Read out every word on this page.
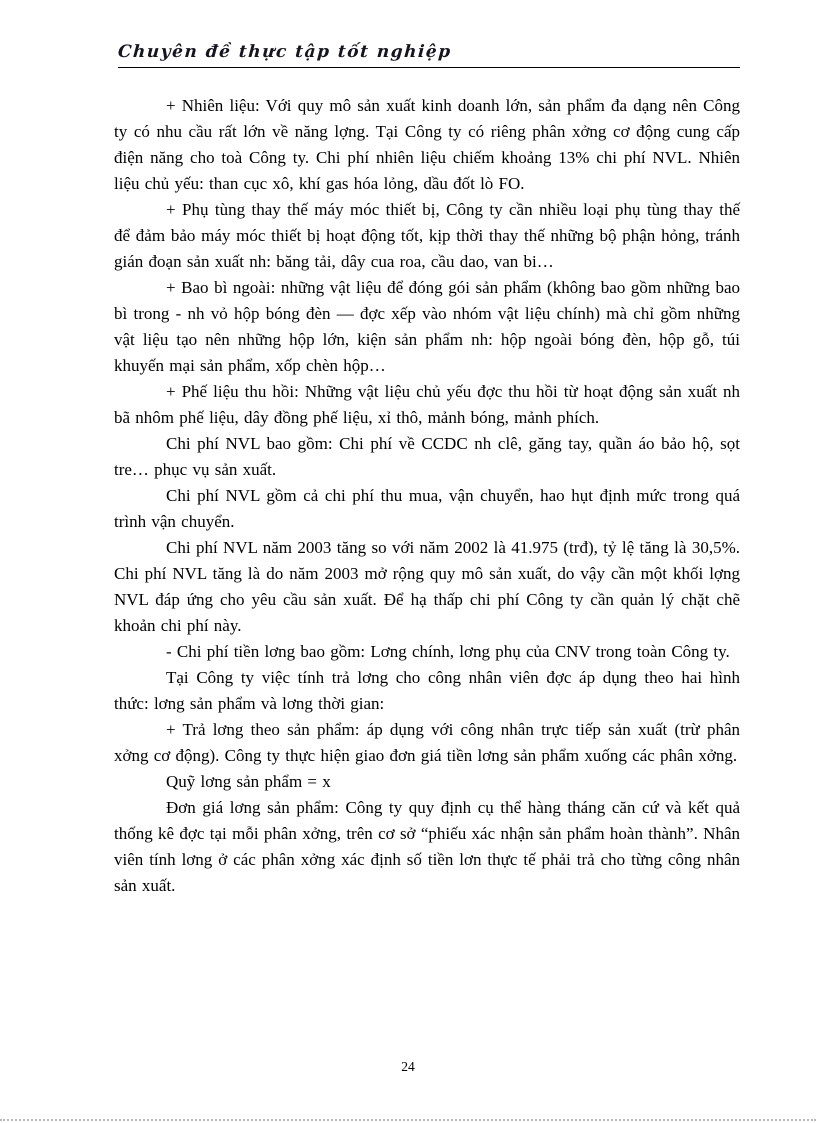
Chuyên đề thực tập tốt nghiệp

+ Nhiên liệu: Với quy mô sản xuất kinh doanh lớn, sản phẩm đa dạng nên Công ty có nhu cầu rất lớn về năng lợng. Tại Công ty có riêng phân xởng cơ động cung cấp điện năng cho toà Công ty. Chi phí nhiên liệu chiếm khoảng 13% chi phí NVL. Nhiên liệu chủ yếu: than cục xô, khí gas hóa lỏng, dầu đốt lò FO.

+ Phụ tùng thay thế máy móc thiết bị, Công ty cần nhiều loại phụ tùng thay thế để đảm bảo máy móc thiết bị hoạt động tốt, kịp thời thay thế những bộ phận hỏng, tránh gián đoạn sản xuất nh: băng tải, dây cua roa, cầu dao, van bi…

+ Bao bì ngoài: những vật liệu để đóng gói sản phẩm (không bao gồm những bao bì trong - nh vỏ hộp bóng đèn — đợc xếp vào nhóm vật liệu chính) mà chỉ gồm những vật liệu tạo nên những hộp lớn, kiện sản phẩm nh: hộp ngoài bóng đèn, hộp gỗ, túi khuyến mại sản phẩm, xốp chèn hộp…

+ Phế liệu thu hồi: Những vật liệu chủ yếu đợc thu hồi từ hoạt động sản xuất nh bã nhôm phế liệu, dây đồng phế liệu, xỉ thô, mảnh bóng, mảnh phích.

Chi phí NVL bao gồm: Chi phí về CCDC nh clê, găng tay, quần áo bảo hộ, sọt tre… phục vụ sản xuất.

Chi phí NVL gồm cả chi phí thu mua, vận chuyển, hao hụt định mức trong quá trình vận chuyển.

Chi phí NVL năm 2003 tăng so với năm 2002 là 41.975 (trđ), tỷ lệ tăng là 30,5%. Chi phí NVL tăng là do năm 2003 mở rộng quy mô sản xuất, do vậy cần một khối lợng NVL đáp ứng cho yêu cầu sản xuất. Để hạ thấp chi phí Công ty cần quản lý chặt chẽ khoản chi phí này.

- Chi phí tiền lơng bao gồm: Lơng chính, lơng phụ của CNV trong toàn Công ty.

Tại Công ty việc tính trả lơng cho công nhân viên đợc áp dụng theo hai hình thức: lơng sản phẩm và lơng thời gian:

+ Trả lơng theo sản phẩm: áp dụng với công nhân trực tiếp sản xuất (trừ phân xởng cơ động). Công ty thực hiện giao đơn giá tiền lơng sản phẩm xuống các phân xởng.

Quỹ lơng sản phẩm = x

Đơn giá lơng sản phẩm: Công ty quy định cụ thể hàng tháng căn cứ và kết quả thống kê đợc tại mỗi phân xởng, trên cơ sở “phiếu xác nhận sản phẩm hoàn thành”. Nhân viên tính lơng ở các phân xởng xác định số tiền lơn thực tế phải trả cho từng công nhân sản xuất.

24
